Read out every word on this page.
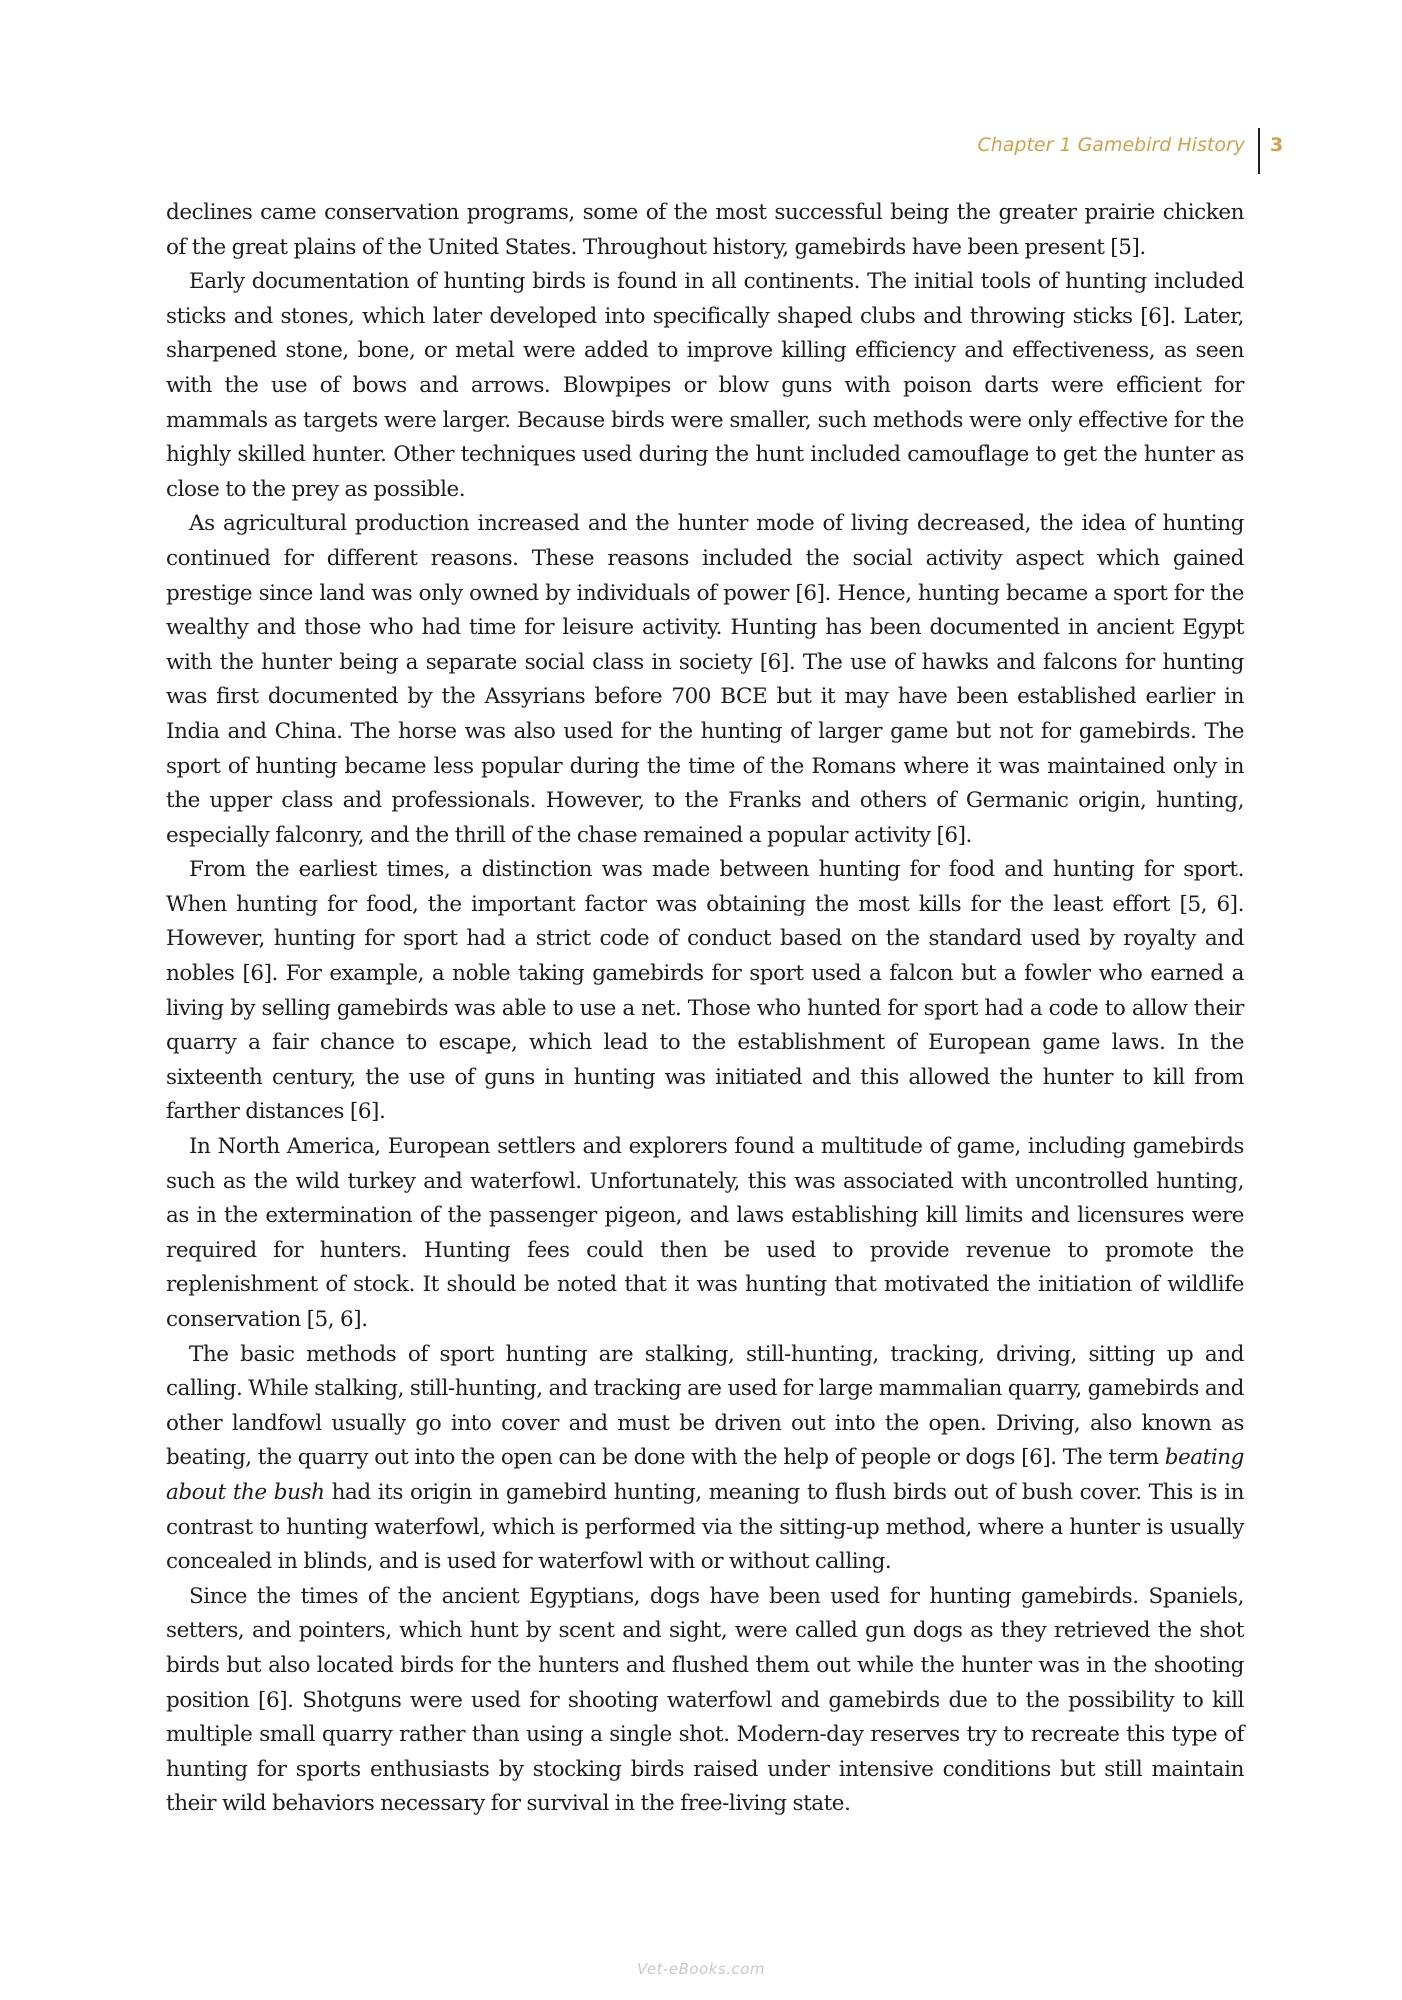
Chapter 1 Gamebird History 3

declines came conservation programs, some of the most successful being the greater prairie chicken of the great plains of the United States. Throughout history, gamebirds have been present [5].

Early documentation of hunting birds is found in all continents. The initial tools of hunting included sticks and stones, which later developed into specifically shaped clubs and throwing sticks [6]. Later, sharpened stone, bone, or metal were added to improve killing efficiency and effectiveness, as seen with the use of bows and arrows. Blowpipes or blow guns with poison darts were efficient for mammals as targets were larger. Because birds were smaller, such methods were only effective for the highly skilled hunter. Other techniques used during the hunt included camouflage to get the hunter as close to the prey as possible.

As agricultural production increased and the hunter mode of living decreased, the idea of hunting continued for different reasons. These reasons included the social activity aspect which gained prestige since land was only owned by individuals of power [6]. Hence, hunting became a sport for the wealthy and those who had time for leisure activity. Hunting has been documented in ancient Egypt with the hunter being a separate social class in society [6]. The use of hawks and falcons for hunting was first documented by the Assyrians before 700 BCE but it may have been established earlier in India and China. The horse was also used for the hunting of larger game but not for gamebirds. The sport of hunting became less popular during the time of the Romans where it was maintained only in the upper class and professionals. However, to the Franks and others of Germanic origin, hunting, especially falconry, and the thrill of the chase remained a popular activity [6].

From the earliest times, a distinction was made between hunting for food and hunting for sport. When hunting for food, the important factor was obtaining the most kills for the least effort [5, 6]. However, hunting for sport had a strict code of conduct based on the standard used by royalty and nobles [6]. For example, a noble taking gamebirds for sport used a falcon but a fowler who earned a living by selling gamebirds was able to use a net. Those who hunted for sport had a code to allow their quarry a fair chance to escape, which lead to the establishment of European game laws. In the sixteenth century, the use of guns in hunting was initiated and this allowed the hunter to kill from farther distances [6].

In North America, European settlers and explorers found a multitude of game, including gamebirds such as the wild turkey and waterfowl. Unfortunately, this was associated with uncontrolled hunting, as in the extermination of the passenger pigeon, and laws establishing kill limits and licensures were required for hunters. Hunting fees could then be used to provide revenue to promote the replenishment of stock. It should be noted that it was hunting that motivated the initiation of wildlife conservation [5, 6].

The basic methods of sport hunting are stalking, still-hunting, tracking, driving, sitting up and calling. While stalking, still-hunting, and tracking are used for large mammalian quarry, gamebirds and other landfowl usually go into cover and must be driven out into the open. Driving, also known as beating, the quarry out into the open can be done with the help of people or dogs [6]. The term beating about the bush had its origin in gamebird hunting, meaning to flush birds out of bush cover. This is in contrast to hunting waterfowl, which is performed via the sitting-up method, where a hunter is usually concealed in blinds, and is used for waterfowl with or without calling.

Since the times of the ancient Egyptians, dogs have been used for hunting gamebirds. Spaniels, setters, and pointers, which hunt by scent and sight, were called gun dogs as they retrieved the shot birds but also located birds for the hunters and flushed them out while the hunter was in the shooting position [6]. Shotguns were used for shooting waterfowl and gamebirds due to the possibility to kill multiple small quarry rather than using a single shot. Modern-day reserves try to recreate this type of hunting for sports enthusiasts by stocking birds raised under intensive conditions but still maintain their wild behaviors necessary for survival in the free-living state.

Vet-eBooks.com
